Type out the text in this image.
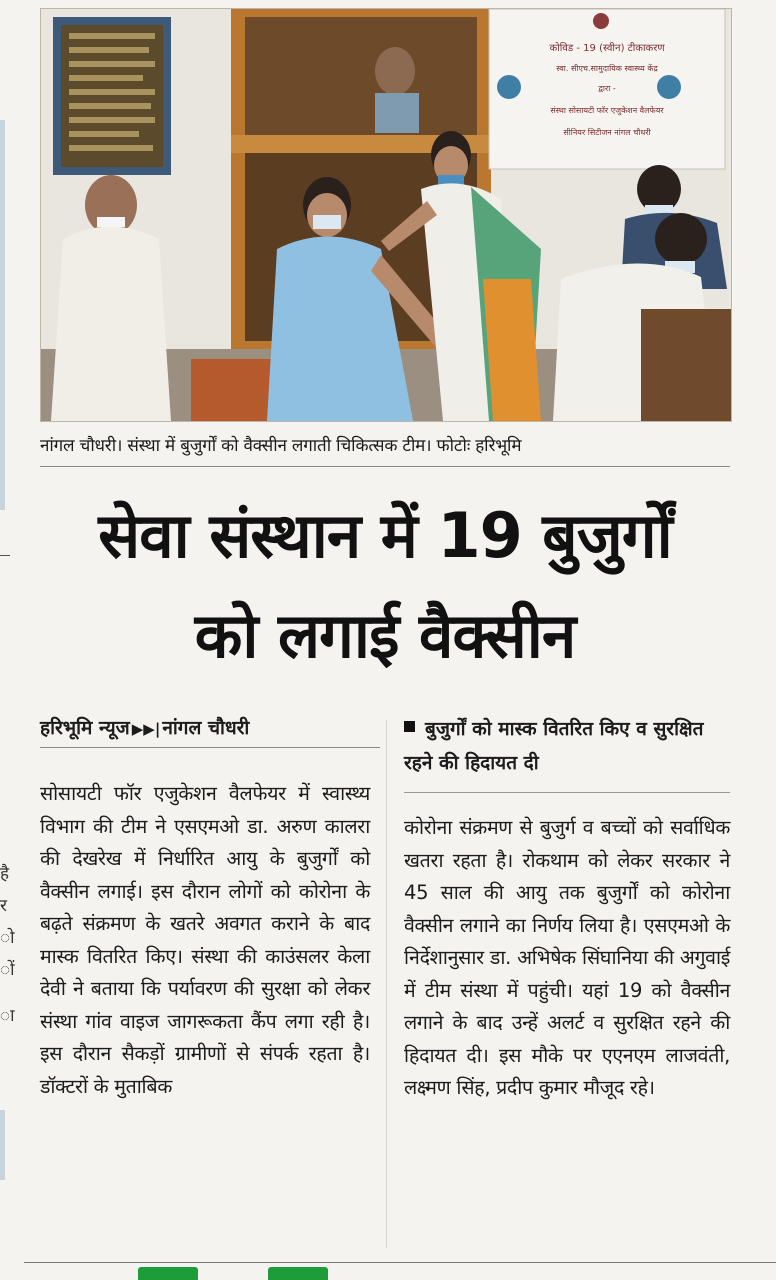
है
र
ो
ों
ा
कोविड - 19 (स्वीन) टीकाकरण
स्वा. सीएच.सामुदायिक स्वास्थ्य केंद्र
द्वारा -
संस्था सोसायटी फॉर एजुकेशन वैलफेयर
सीनियर सिटीजन नांगल चौधरी
नांगल चौधरी। संस्था में बुजुर्गों को वैक्सीन लगाती चिकित्सक टीम। फोटोः हरिभूमि
सेवा संस्थान में 19 बुजुर्गों
को लगाई वैक्सीन
हरिभूमि न्यूज ▶▶| नांगल चौधरी	बुजुर्गों को मास्क वितरित किए व सुरक्षित रहने की हिदायत दी
सोसायटी फॉर एजुकेशन वैलफेयर में स्वास्थ्य विभाग की टीम ने एसएमओ डा. अरुण कालरा की देखरेख में निर्धारित आयु के बुजुर्गों को वैक्सीन लगाई। इस दौरान लोगों को कोरोना के बढ़ते संक्रमण के खतरे अवगत कराने के बाद मास्क वितरित किए। संस्था की काउंसलर केला देवी ने बताया कि पर्यावरण की सुरक्षा को लेकर संस्था गांव वाइज जागरूकता कैंप लगा रही है। इस दौरान सैकड़ों ग्रामीणों से संपर्क रहता है। डॉक्टरों के मुताबिक
कोरोना संक्रमण से बुजुर्ग व बच्चों को सर्वाधिक खतरा रहता है। रोकथाम को लेकर सरकार ने 45 साल की आयु तक बुजुर्गों को कोरोना वैक्सीन लगाने का निर्णय लिया है। एसएमओ के निर्देशानुसार डा. अभिषेक सिंघानिया की अगुवाई में टीम संस्था में पहुंची। यहां 19 को वैक्सीन लगाने के बाद उन्हें अलर्ट व सुरक्षित रहने की हिदायत दी। इस मौके पर एएनएम लाजवंती, लक्ष्मण सिंह, प्रदीप कुमार मौजूद रहे।
